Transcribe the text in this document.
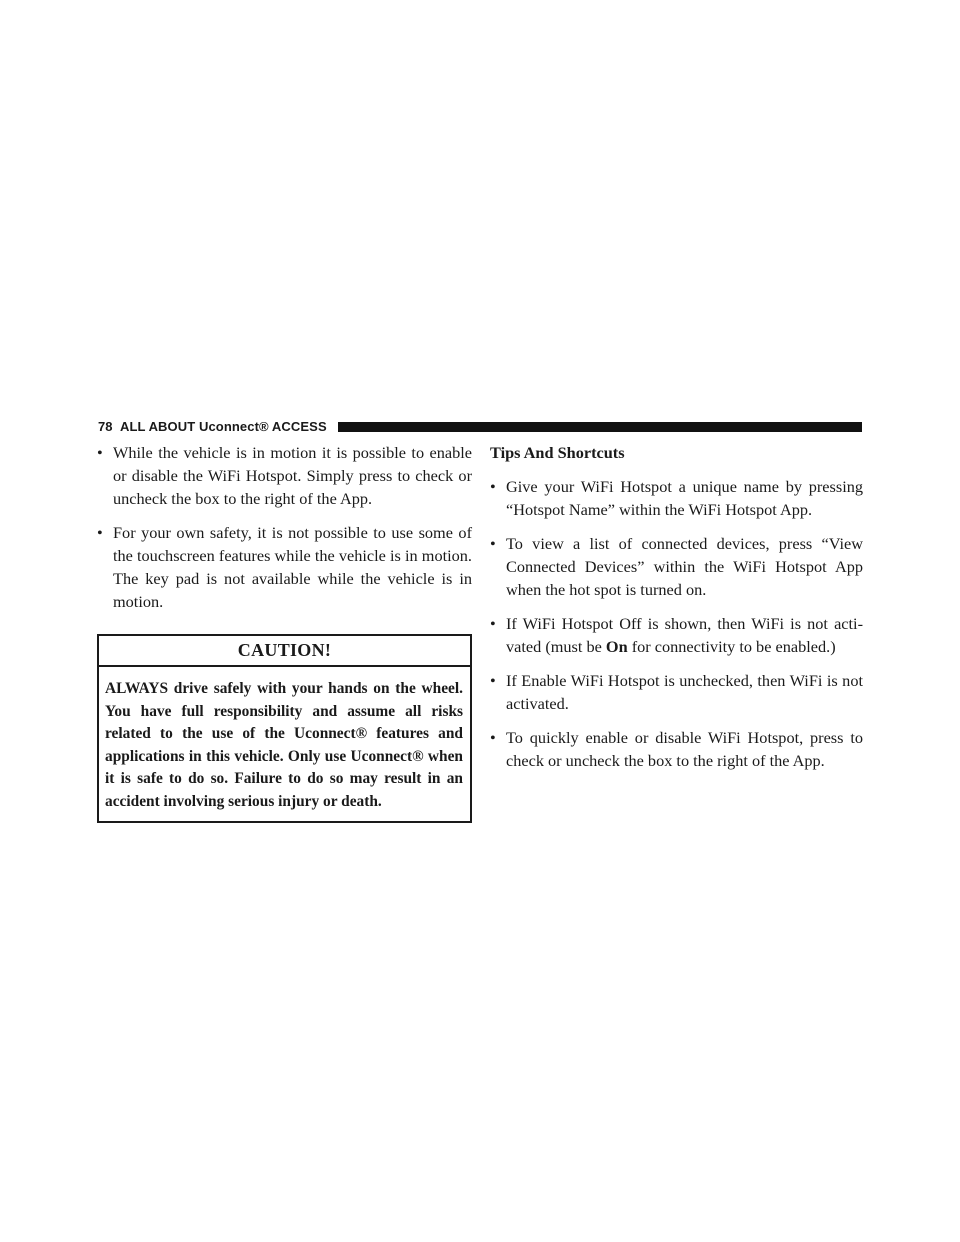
78 ALL ABOUT Uconnect® ACCESS
• While the vehicle is in motion it is possible to enable or disable the WiFi Hotspot. Simply press to check or uncheck the box to the right of the App.
• For your own safety, it is not possible to use some of the touchscreen features while the vehicle is in motion. The key pad is not available while the vehicle is in motion.
CAUTION!
ALWAYS drive safely with your hands on the wheel. You have full responsibility and assume all risks related to the use of the Uconnect® features and applications in this vehicle. Only use Uconnect® when it is safe to do so. Failure to do so may result in an accident involving serious injury or death.
Tips And Shortcuts
• Give your WiFi Hotspot a unique name by pressing “Hotspot Name” within the WiFi Hotspot App.
• To view a list of connected devices, press “View Connected Devices” within the WiFi Hotspot App when the hot spot is turned on.
• If WiFi Hotspot Off is shown, then WiFi is not acti- vated (must be On for connectivity to be enabled.)
• If Enable WiFi Hotspot is unchecked, then WiFi is not activated.
• To quickly enable or disable WiFi Hotspot, press to check or uncheck the box to the right of the App.
